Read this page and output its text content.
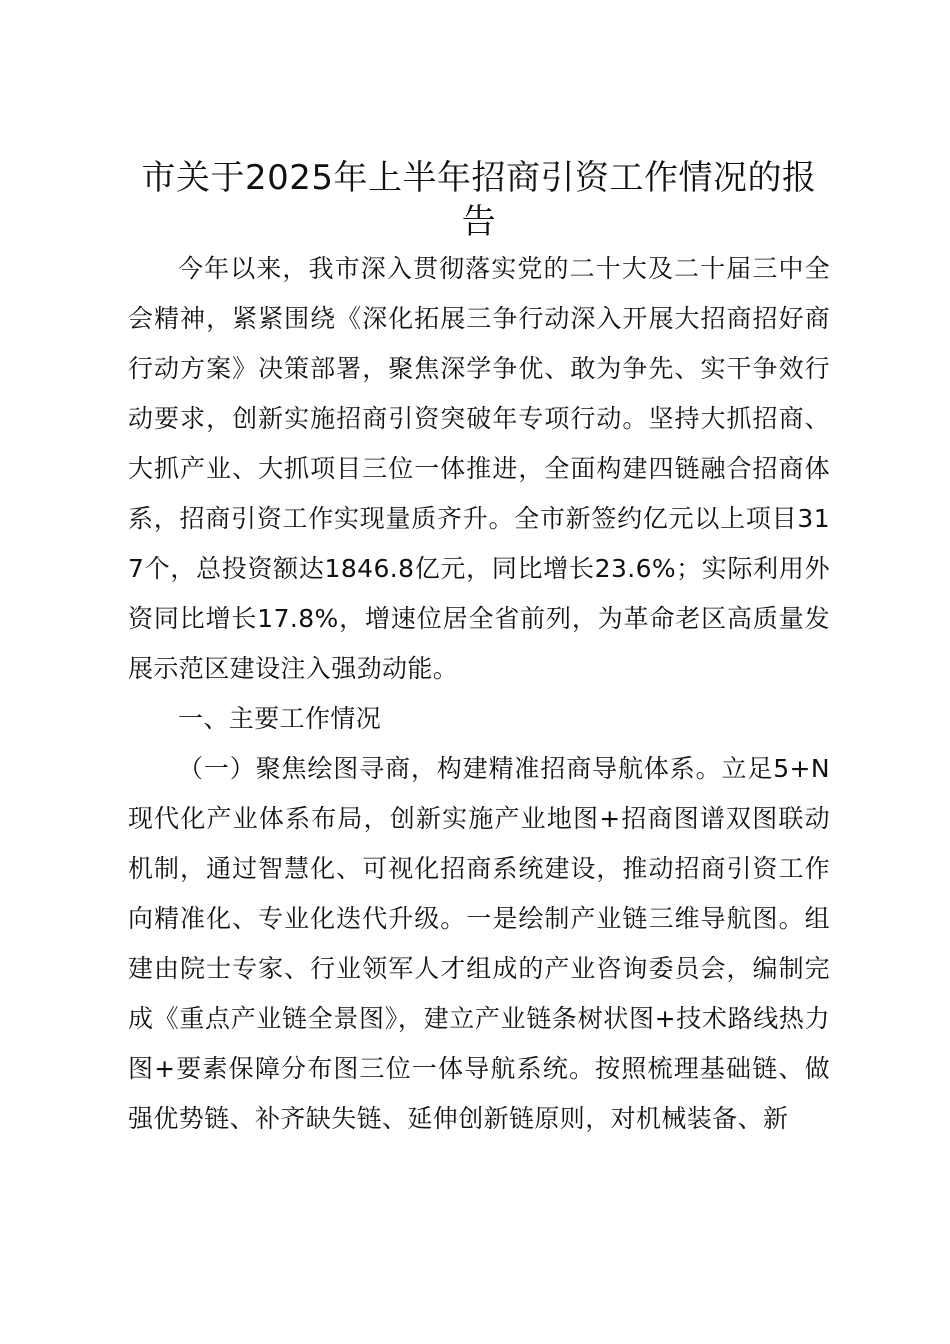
市关于2025年上半年招商引资工作情况的报告

今年以来，我市深入贯彻落实党的二十大及二十届三中全会精神，紧紧围绕《深化拓展三争行动深入开展大招商招好商行动方案》决策部署，聚焦深学争优、敢为争先、实干争效行动要求，创新实施招商引资突破年专项行动。坚持大抓招商、大抓产业、大抓项目三位一体推进，全面构建四链融合招商体系，招商引资工作实现量质齐升。全市新签约亿元以上项目317个，总投资额达1846.8亿元，同比增长23.6%；实际利用外资同比增长17.8%，增速位居全省前列，为革命老区高质量发展示范区建设注入强劲动能。

一、主要工作情况

（一）聚焦绘图寻商，构建精准招商导航体系。立足5+N现代化产业体系布局，创新实施产业地图+招商图谱双图联动机制，通过智慧化、可视化招商系统建设，推动招商引资工作向精准化、专业化迭代升级。一是绘制产业链三维导航图。组建由院士专家、行业领军人才组成的产业咨询委员会，编制完成《重点产业链全景图》，建立产业链条树状图+技术路线热力图+要素保障分布图三位一体导航系统。按照梳理基础链、做强优势链、补齐缺失链、延伸创新链原则，对机械装备、新
